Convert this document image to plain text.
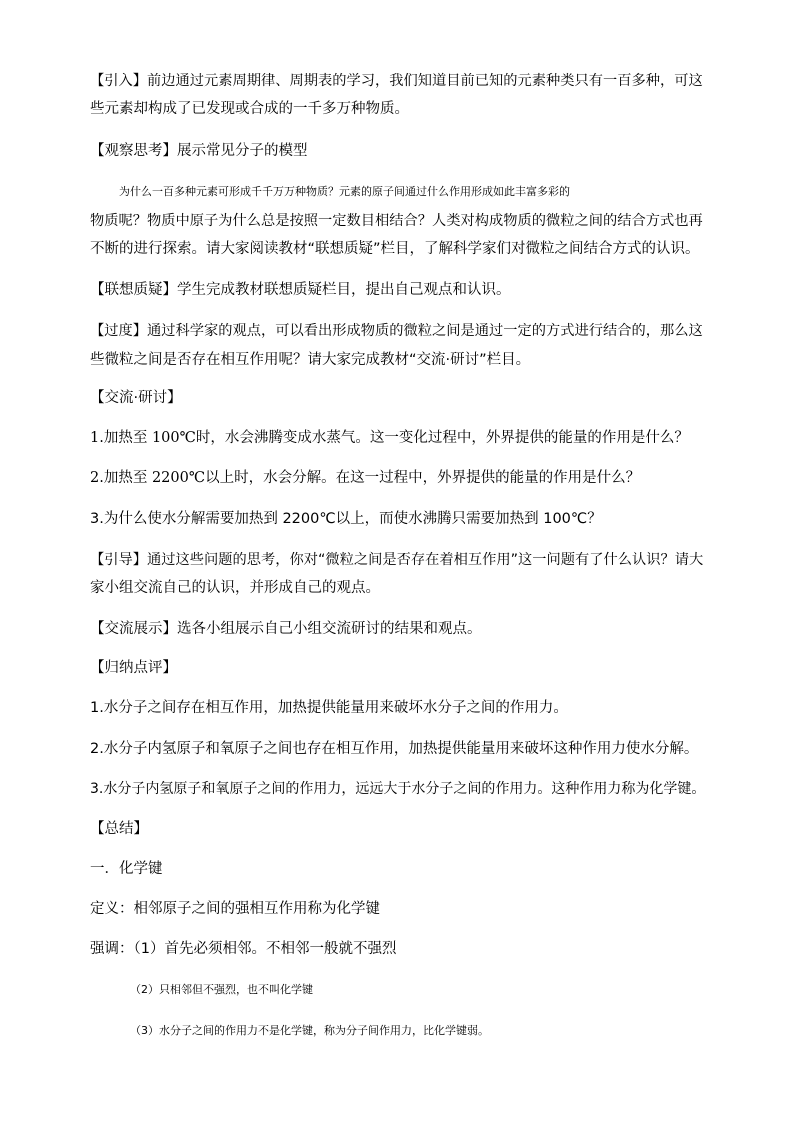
【引入】前边通过元素周期律、周期表的学习，我们知道目前已知的元素种类只有一百多种，可这
些元素却构成了已发现或合成的一千多万种物质。
【观察思考】展示常见分子的模型
为什么一百多种元素可形成千千万万种物质？元素的原子间通过什么作用形成如此丰富多彩的
物质呢？物质中原子为什么总是按照一定数目相结合？人类对构成物质的微粒之间的结合方式也再
不断的进行探索。请大家阅读教材“联想质疑”栏目，了解科学家们对微粒之间结合方式的认识。
【联想质疑】学生完成教材联想质疑栏目，提出自己观点和认识。
【过度】通过科学家的观点，可以看出形成物质的微粒之间是通过一定的方式进行结合的，那么这
些微粒之间是否存在相互作用呢？请大家完成教材“交流·研讨”栏目。
【交流·研讨】
1.加热至 100℃时，水会沸腾变成水蒸气。这一变化过程中，外界提供的能量的作用是什么？
2.加热至 2200℃以上时，水会分解。在这一过程中，外界提供的能量的作用是什么？
3.为什么使水分解需要加热到 2200℃以上，而使水沸腾只需要加热到 100℃？
【引导】通过这些问题的思考，你对“微粒之间是否存在着相互作用”这一问题有了什么认识？请大
家小组交流自己的认识，并形成自己的观点。
【交流展示】选各小组展示自己小组交流研讨的结果和观点。
【归纳点评】
1.水分子之间存在相互作用，加热提供能量用来破坏水分子之间的作用力。
2.水分子内氢原子和氧原子之间也存在相互作用，加热提供能量用来破坏这种作用力使水分解。
3.水分子内氢原子和氧原子之间的作用力，远远大于水分子之间的作用力。这种作用力称为化学键。
【总结】
一．化学键
定义：相邻原子之间的强相互作用称为化学键
强调：（1）首先必须相邻。不相邻一般就不强烈
（2）只相邻但不强烈，也不叫化学键
（3）水分子之间的作用力不是化学键，称为分子间作用力，比化学键弱。
